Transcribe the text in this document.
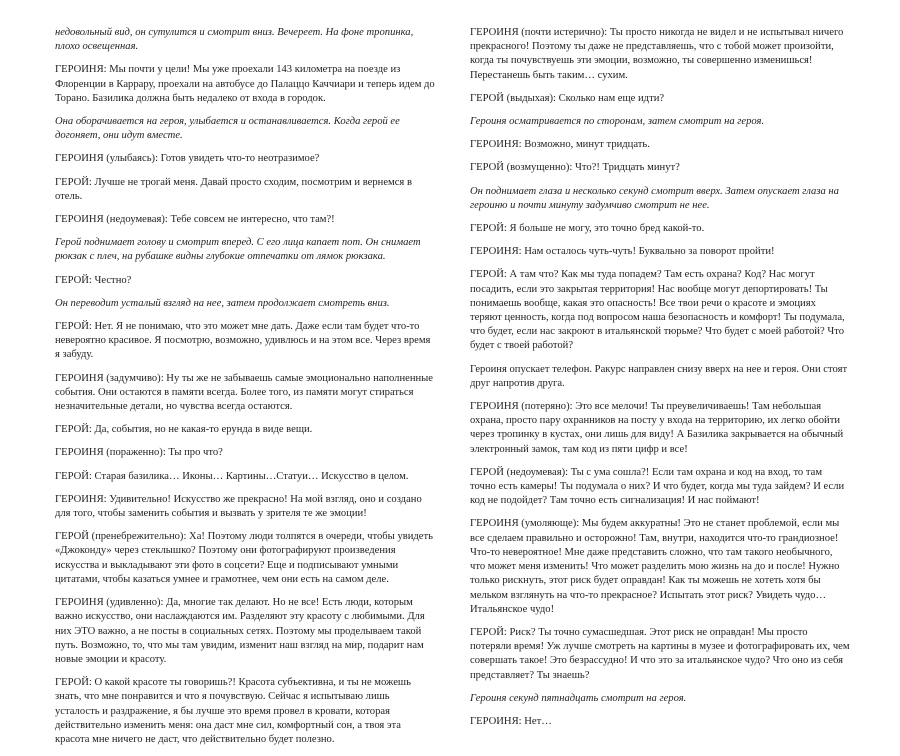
недовольный вид, он сутулится и смотрит вниз. Вечереет. На фоне тропинка, плохо освещенная.

ГЕРОИНЯ: Мы почти у цели! Мы уже проехали 143 километра на поезде из Флоренции в Каррару, проехали на автобусе до Палаццо Каччиари и теперь идем до Торано. Базилика должна быть недалеко от входа в городок.

Она оборачивается на героя, улыбается и останавливается. Когда герой ее догоняет, они идут вместе.

ГЕРОИНЯ (улыбаясь): Готов увидеть что-то неотразимое?

ГЕРОЙ: Лучше не трогай меня. Давай просто сходим, посмотрим и вернемся в отель.

ГЕРОИНЯ (недоумевая): Тебе совсем не интересно, что там?!

Герой поднимает голову и смотрит вперед. С его лица капает пот. Он снимает рюкзак с плеч, на рубашке видны глубокие отпечатки от лямок рюкзака.

ГЕРОЙ: Честно?

Он переводит усталый взгляд на нее, затем продолжает смотреть вниз.

ГЕРОЙ: Нет. Я не понимаю, что это может мне дать. Даже если там будет что-то невероятно красивое. Я посмотрю, возможно, удивлюсь и на этом все. Через время я забуду.

ГЕРОИНЯ (задумчиво): Ну ты же не забываешь самые эмоционально наполненные события. Они остаются в памяти всегда. Более того, из памяти могут стираться незначительные детали, но чувства всегда остаются.

ГЕРОЙ: Да, события, но не какая-то ерунда в виде вещи.

ГЕРОИНЯ (пораженно): Ты про что?

ГЕРОЙ: Старая базилика… Иконы… Картины…Статуи… Искусство в целом.

ГЕРОИНЯ: Удивительно! Искусство же прекрасно! На мой взгляд, оно и создано для того, чтобы заменить события и вызвать у зрителя те же эмоции!

ГЕРОЙ (пренебрежительно): Ха! Поэтому люди толпятся в очереди, чтобы увидеть «Джоконду» через стеклышко? Поэтому они фотографируют произведения искусства и выкладывают эти фото в соцсети? Еще и подписывают умными цитатами, чтобы казаться умнее и грамотнее, чем они есть на самом деле.

ГЕРОИНЯ (удивленно): Да, многие так делают. Но не все! Есть люди, которым важно искусство, они наслаждаются им. Разделяют эту красоту с любимыми. Для них ЭТО важно, а не посты в социальных сетях. Поэтому мы проделываем такой путь. Возможно, то, что мы там увидим, изменит наш взгляд на мир, подарит нам новые эмоции и красоту.

ГЕРОЙ: О какой красоте ты говоришь?! Красота субъективна, и ты не можешь знать, что мне понравится и что я почувствую. Сейчас я испытываю лишь усталость и раздражение, я бы лучше это время провел в кровати, которая действительно изменить меня: она даст мне сил, комфортный сон, а твоя эта красота мне ничего не даст, что действительно будет полезно.

ГЕРОИНЯ (почти истерично): Ты просто никогда не видел и не испытывал ничего прекрасного! Поэтому ты даже не представляешь, что с тобой может произойти, когда ты почувствуешь эти эмоции, возможно, ты совершенно изменишься! Перестанешь быть таким… сухим.

ГЕРОЙ (выдыхая): Сколько нам еще идти?

Героиня осматривается по сторонам, затем смотрит на героя.

ГЕРОИНЯ: Возможно, минут тридцать.

ГЕРОЙ (возмущенно): Что?! Тридцать минут?

Он поднимает глаза и несколько секунд смотрит вверх. Затем опускает глаза на героиню и почти минуту задумчиво смотрит не нее.

ГЕРОЙ: Я больше не могу, это точно бред какой-то.

ГЕРОИНЯ: Нам осталось чуть-чуть! Буквально за поворот пройти!

ГЕРОЙ: А там что? Как мы туда попадем? Там есть охрана? Код? Нас могут посадить, если это закрытая территория! Нас вообще могут депортировать! Ты понимаешь вообще, какая это опасность! Все твои речи о красоте и эмоциях теряют ценность, когда под вопросом наша безопасность и комфорт! Ты подумала, что будет, если нас закроют в итальянской тюрьме? Что будет с моей работой? Что будет с твоей работой?

Героиня опускает телефон. Ракурс направлен снизу вверх на нее и героя. Они стоят друг напротив друга.

ГЕРОИНЯ (потерянo): Это все мелочи! Ты преувеличиваешь! Там небольшая охрана, просто пару охранников на посту у входа на территорию, их легко обойти через тропинку в кустах, они лишь для виду! А Базилика закрывается на обычный электронный замок, там код из пяти цифр и все!

ГЕРОЙ (недоумевая): Ты с ума сошла?! Если там охрана и код на вход, то там точно есть камеры! Ты подумала о них? И что будет, когда мы туда зайдем? И если код не подойдет? Там точно есть сигнализация! И нас поймают!

ГЕРОИНЯ (умоляюще): Мы будем аккуратны! Это не станет проблемой, если мы все сделаем правильно и осторожно! Там, внутри, находится что-то грандиозное! Что-то невероятное! Мне даже представить сложно, что там такого необычного, что может меня изменить! Что может разделить мою жизнь на до и после! Нужно только рискнуть, этот риск будет оправдан! Как ты можешь не хотеть хотя бы мельком взглянуть на что-то прекрасное? Испытать этот риск? Увидеть чудо… Итальянское чудо!

ГЕРОЙ: Риск? Ты точно сумасшедшая. Этот риск не оправдан! Мы просто потеряли время! Уж лучше смотреть на картины в музее и фотографировать их, чем совершать такое! Это безрассудно! И что это за итальянское чудо? Что оно из себя представляет? Ты знаешь?

Героиня секунд пятнадцать смотрит на героя.

ГЕРОИНЯ: Нет…
